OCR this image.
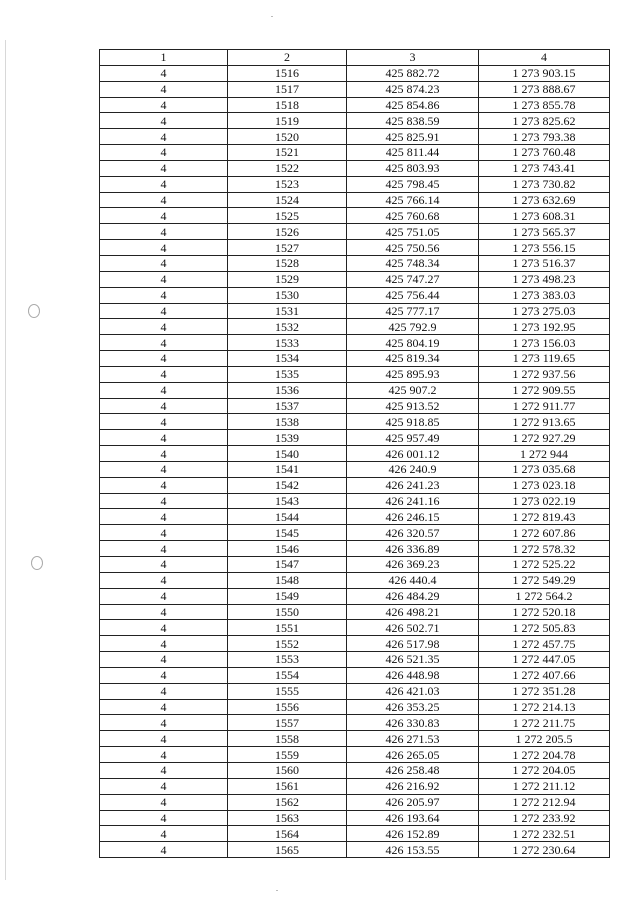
1	2	3	4
4	1516	425 882.72	1 273 903.15
4	1517	425 874.23	1 273 888.67
4	1518	425 854.86	1 273 855.78
4	1519	425 838.59	1 273 825.62
4	1520	425 825.91	1 273 793.38
4	1521	425 811.44	1 273 760.48
4	1522	425 803.93	1 273 743.41
4	1523	425 798.45	1 273 730.82
4	1524	425 766.14	1 273 632.69
4	1525	425 760.68	1 273 608.31
4	1526	425 751.05	1 273 565.37
4	1527	425 750.56	1 273 556.15
4	1528	425 748.34	1 273 516.37
4	1529	425 747.27	1 273 498.23
4	1530	425 756.44	1 273 383.03
4	1531	425 777.17	1 273 275.03
4	1532	425 792.9	1 273 192.95
4	1533	425 804.19	1 273 156.03
4	1534	425 819.34	1 273 119.65
4	1535	425 895.93	1 272 937.56
4	1536	425 907.2	1 272 909.55
4	1537	425 913.52	1 272 911.77
4	1538	425 918.85	1 272 913.65
4	1539	425 957.49	1 272 927.29
4	1540	426 001.12	1 272 944
4	1541	426 240.9	1 273 035.68
4	1542	426 241.23	1 273 023.18
4	1543	426 241.16	1 273 022.19
4	1544	426 246.15	1 272 819.43
4	1545	426 320.57	1 272 607.86
4	1546	426 336.89	1 272 578.32
4	1547	426 369.23	1 272 525.22
4	1548	426 440.4	1 272 549.29
4	1549	426 484.29	1 272 564.2
4	1550	426 498.21	1 272 520.18
4	1551	426 502.71	1 272 505.83
4	1552	426 517.98	1 272 457.75
4	1553	426 521.35	1 272 447.05
4	1554	426 448.98	1 272 407.66
4	1555	426 421.03	1 272 351.28
4	1556	426 353.25	1 272 214.13
4	1557	426 330.83	1 272 211.75
4	1558	426 271.53	1 272 205.5
4	1559	426 265.05	1 272 204.78
4	1560	426 258.48	1 272 204.05
4	1561	426 216.92	1 272 211.12
4	1562	426 205.97	1 272 212.94
4	1563	426 193.64	1 272 233.92
4	1564	426 152.89	1 272 232.51
4	1565	426 153.55	1 272 230.64
